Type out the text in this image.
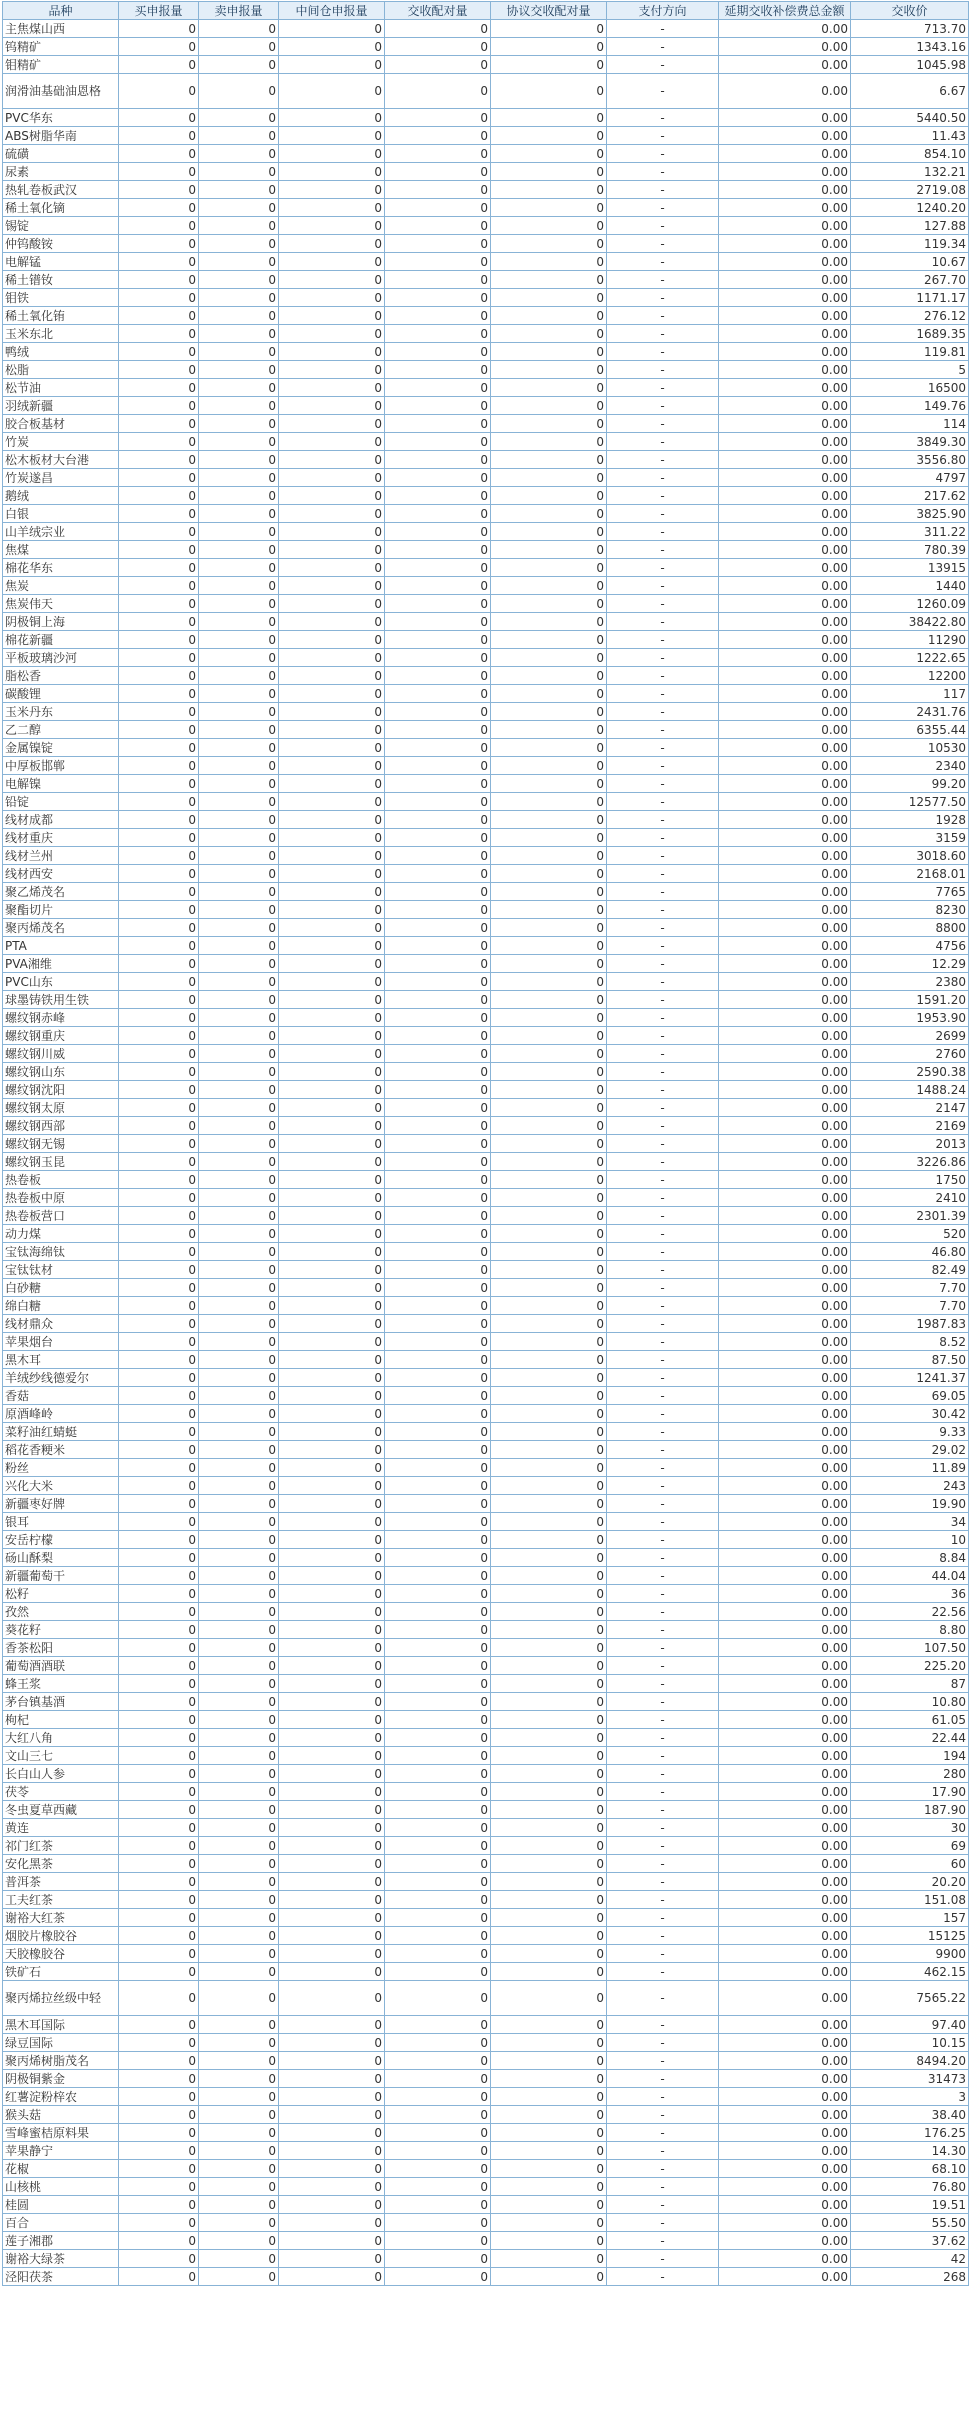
品种	买申报量	卖申报量	中间仓申报量	交收配对量	协议交收配对量	支付方向	延期交收补偿费总金额	交收价
主焦煤山西	0	0	0	0	0	-	0.00	713.70
钨精矿	0	0	0	0	0	-	0.00	1343.16
钼精矿	0	0	0	0	0	-	0.00	1045.98
润滑油基础油恩格	0	0	0	0	0	-	0.00	6.67
PVC华东	0	0	0	0	0	-	0.00	5440.50
ABS树脂华南	0	0	0	0	0	-	0.00	11.43
硫磺	0	0	0	0	0	-	0.00	854.10
尿素	0	0	0	0	0	-	0.00	132.21
热轧卷板武汉	0	0	0	0	0	-	0.00	2719.08
稀土氧化镝	0	0	0	0	0	-	0.00	1240.20
锡锭	0	0	0	0	0	-	0.00	127.88
仲钨酸铵	0	0	0	0	0	-	0.00	119.34
电解锰	0	0	0	0	0	-	0.00	10.67
稀土镨钕	0	0	0	0	0	-	0.00	267.70
钼铁	0	0	0	0	0	-	0.00	1171.17
稀土氧化铕	0	0	0	0	0	-	0.00	276.12
玉米东北	0	0	0	0	0	-	0.00	1689.35
鸭绒	0	0	0	0	0	-	0.00	119.81
松脂	0	0	0	0	0	-	0.00	5
松节油	0	0	0	0	0	-	0.00	16500
羽绒新疆	0	0	0	0	0	-	0.00	149.76
胶合板基材	0	0	0	0	0	-	0.00	114
竹炭	0	0	0	0	0	-	0.00	3849.30
松木板材大台港	0	0	0	0	0	-	0.00	3556.80
竹炭遂昌	0	0	0	0	0	-	0.00	4797
鹅绒	0	0	0	0	0	-	0.00	217.62
白银	0	0	0	0	0	-	0.00	3825.90
山羊绒宗业	0	0	0	0	0	-	0.00	311.22
焦煤	0	0	0	0	0	-	0.00	780.39
棉花华东	0	0	0	0	0	-	0.00	13915
焦炭	0	0	0	0	0	-	0.00	1440
焦炭伟天	0	0	0	0	0	-	0.00	1260.09
阴极铜上海	0	0	0	0	0	-	0.00	38422.80
棉花新疆	0	0	0	0	0	-	0.00	11290
平板玻璃沙河	0	0	0	0	0	-	0.00	1222.65
脂松香	0	0	0	0	0	-	0.00	12200
碳酸锂	0	0	0	0	0	-	0.00	117
玉米丹东	0	0	0	0	0	-	0.00	2431.76
乙二醇	0	0	0	0	0	-	0.00	6355.44
金属镍锭	0	0	0	0	0	-	0.00	10530
中厚板邯郸	0	0	0	0	0	-	0.00	2340
电解镍	0	0	0	0	0	-	0.00	99.20
铅锭	0	0	0	0	0	-	0.00	12577.50
线材成都	0	0	0	0	0	-	0.00	1928
线材重庆	0	0	0	0	0	-	0.00	3159
线材兰州	0	0	0	0	0	-	0.00	3018.60
线材西安	0	0	0	0	0	-	0.00	2168.01
聚乙烯茂名	0	0	0	0	0	-	0.00	7765
聚酯切片	0	0	0	0	0	-	0.00	8230
聚丙烯茂名	0	0	0	0	0	-	0.00	8800
PTA	0	0	0	0	0	-	0.00	4756
PVA湘维	0	0	0	0	0	-	0.00	12.29
PVC山东	0	0	0	0	0	-	0.00	2380
球墨铸铁用生铁	0	0	0	0	0	-	0.00	1591.20
螺纹钢赤峰	0	0	0	0	0	-	0.00	1953.90
螺纹钢重庆	0	0	0	0	0	-	0.00	2699
螺纹钢川威	0	0	0	0	0	-	0.00	2760
螺纹钢山东	0	0	0	0	0	-	0.00	2590.38
螺纹钢沈阳	0	0	0	0	0	-	0.00	1488.24
螺纹钢太原	0	0	0	0	0	-	0.00	2147
螺纹钢西部	0	0	0	0	0	-	0.00	2169
螺纹钢无锡	0	0	0	0	0	-	0.00	2013
螺纹钢玉昆	0	0	0	0	0	-	0.00	3226.86
热卷板	0	0	0	0	0	-	0.00	1750
热卷板中原	0	0	0	0	0	-	0.00	2410
热卷板营口	0	0	0	0	0	-	0.00	2301.39
动力煤	0	0	0	0	0	-	0.00	520
宝钛海绵钛	0	0	0	0	0	-	0.00	46.80
宝钛钛材	0	0	0	0	0	-	0.00	82.49
白砂糖	0	0	0	0	0	-	0.00	7.70
绵白糖	0	0	0	0	0	-	0.00	7.70
线材鼎众	0	0	0	0	0	-	0.00	1987.83
苹果烟台	0	0	0	0	0	-	0.00	8.52
黑木耳	0	0	0	0	0	-	0.00	87.50
羊绒纱线德爱尔	0	0	0	0	0	-	0.00	1241.37
香菇	0	0	0	0	0	-	0.00	69.05
原酒峰岭	0	0	0	0	0	-	0.00	30.42
菜籽油红蜻蜓	0	0	0	0	0	-	0.00	9.33
稻花香粳米	0	0	0	0	0	-	0.00	29.02
粉丝	0	0	0	0	0	-	0.00	11.89
兴化大米	0	0	0	0	0	-	0.00	243
新疆枣好牌	0	0	0	0	0	-	0.00	19.90
银耳	0	0	0	0	0	-	0.00	34
安岳柠檬	0	0	0	0	0	-	0.00	10
砀山酥梨	0	0	0	0	0	-	0.00	8.84
新疆葡萄干	0	0	0	0	0	-	0.00	44.04
松籽	0	0	0	0	0	-	0.00	36
孜然	0	0	0	0	0	-	0.00	22.56
葵花籽	0	0	0	0	0	-	0.00	8.80
香茶松阳	0	0	0	0	0	-	0.00	107.50
葡萄酒酒联	0	0	0	0	0	-	0.00	225.20
蜂王浆	0	0	0	0	0	-	0.00	87
茅台镇基酒	0	0	0	0	0	-	0.00	10.80
枸杞	0	0	0	0	0	-	0.00	61.05
大红八角	0	0	0	0	0	-	0.00	22.44
文山三七	0	0	0	0	0	-	0.00	194
长白山人参	0	0	0	0	0	-	0.00	280
茯苓	0	0	0	0	0	-	0.00	17.90
冬虫夏草西藏	0	0	0	0	0	-	0.00	187.90
黄连	0	0	0	0	0	-	0.00	30
祁门红茶	0	0	0	0	0	-	0.00	69
安化黑茶	0	0	0	0	0	-	0.00	60
普洱茶	0	0	0	0	0	-	0.00	20.20
工夫红茶	0	0	0	0	0	-	0.00	151.08
谢裕大红茶	0	0	0	0	0	-	0.00	157
烟胶片橡胶谷	0	0	0	0	0	-	0.00	15125
天胶橡胶谷	0	0	0	0	0	-	0.00	9900
铁矿石	0	0	0	0	0	-	0.00	462.15
聚丙烯拉丝级中轻	0	0	0	0	0	-	0.00	7565.22
黑木耳国际	0	0	0	0	0	-	0.00	97.40
绿豆国际	0	0	0	0	0	-	0.00	10.15
聚丙烯树脂茂名	0	0	0	0	0	-	0.00	8494.20
阴极铜紫金	0	0	0	0	0	-	0.00	31473
红薯淀粉梓农	0	0	0	0	0	-	0.00	3
猴头菇	0	0	0	0	0	-	0.00	38.40
雪峰蜜桔原料果	0	0	0	0	0	-	0.00	176.25
苹果静宁	0	0	0	0	0	-	0.00	14.30
花椒	0	0	0	0	0	-	0.00	68.10
山核桃	0	0	0	0	0	-	0.00	76.80
桂圆	0	0	0	0	0	-	0.00	19.51
百合	0	0	0	0	0	-	0.00	55.50
莲子湘郡	0	0	0	0	0	-	0.00	37.62
谢裕大绿茶	0	0	0	0	0	-	0.00	42
泾阳茯茶	0	0	0	0	0	-	0.00	268
